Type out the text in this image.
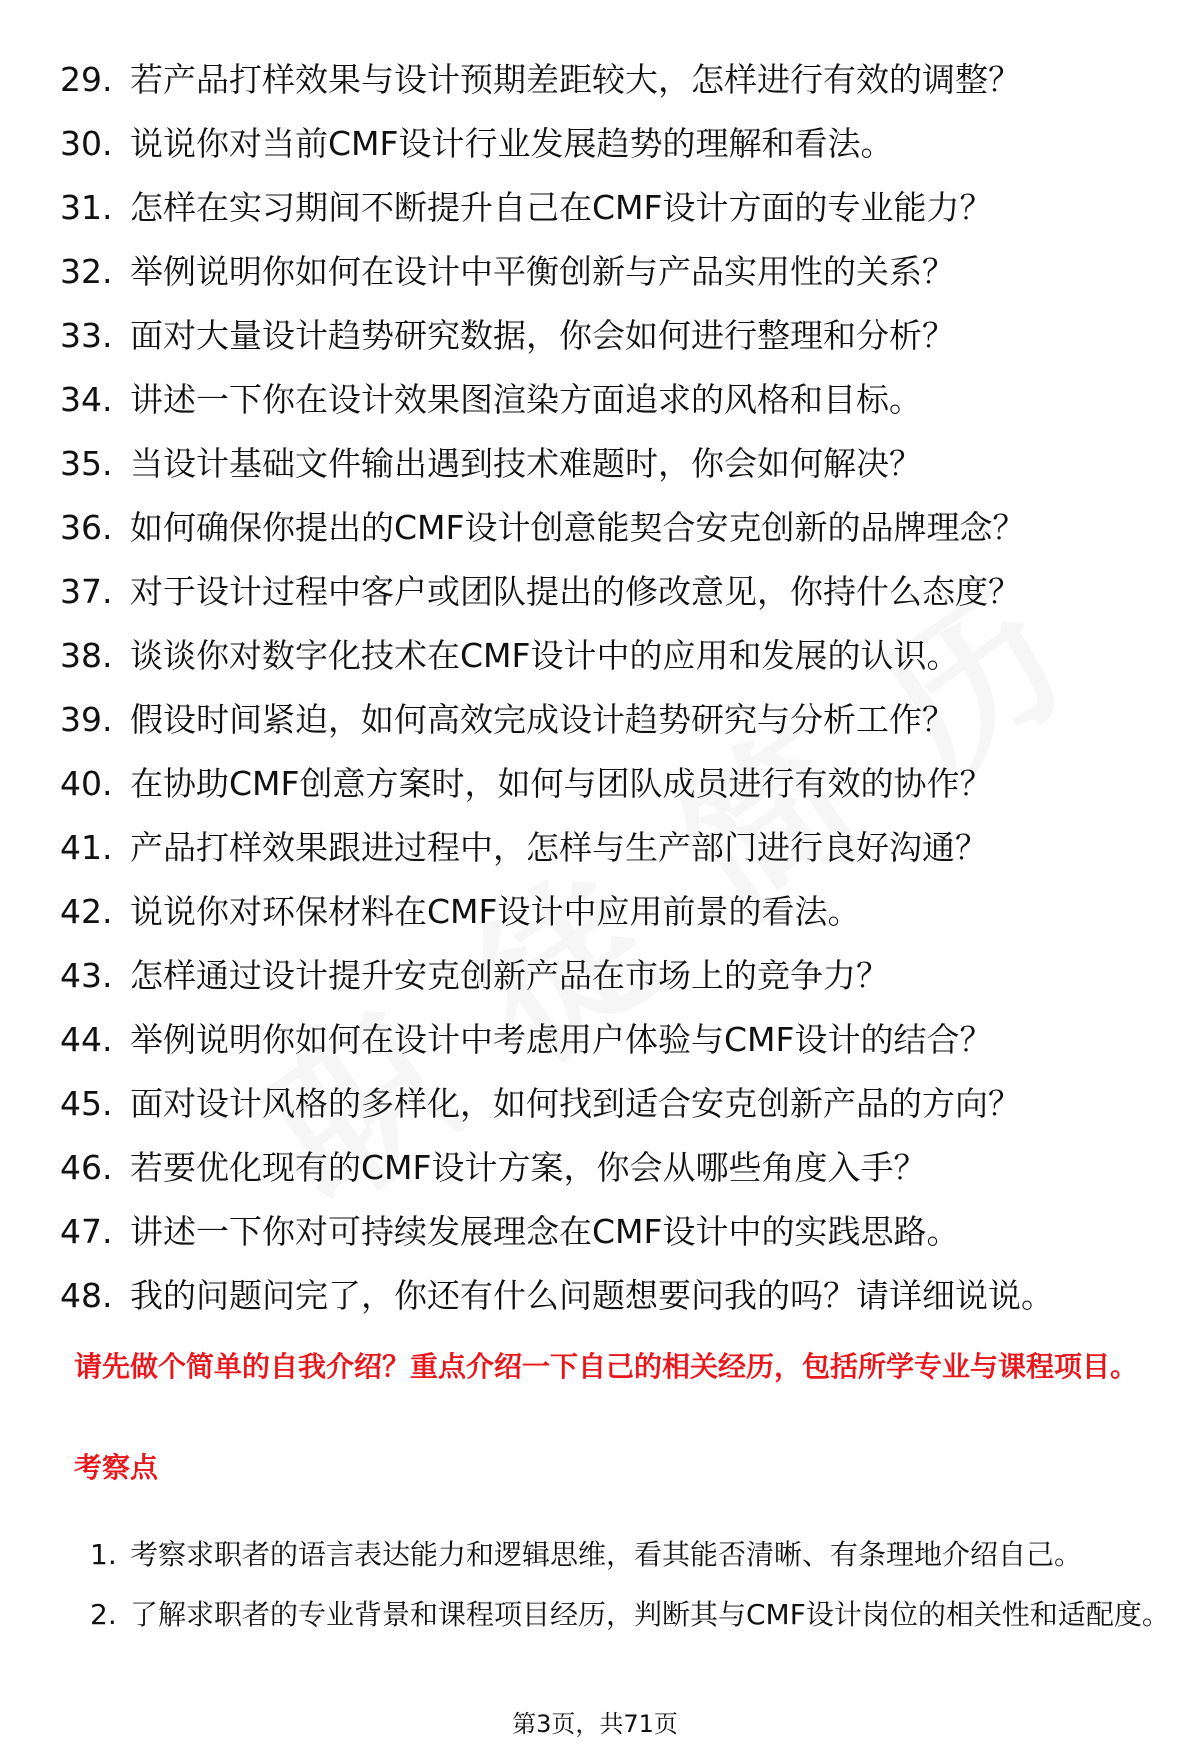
29. 若产品打样效果与设计预期差距较大，怎样进行有效的调整？
30. 说说你对当前CMF设计行业发展趋势的理解和看法。
31. 怎样在实习期间不断提升自己在CMF设计方面的专业能力？
32. 举例说明你如何在设计中平衡创新与产品实用性的关系？
33. 面对大量设计趋势研究数据，你会如何进行整理和分析？
34. 讲述一下你在设计效果图渲染方面追求的风格和目标。
35. 当设计基础文件输出遇到技术难题时，你会如何解决？
36. 如何确保你提出的CMF设计创意能契合安克创新的品牌理念？
37. 对于设计过程中客户或团队提出的修改意见，你持什么态度？
38. 谈谈你对数字化技术在CMF设计中的应用和发展的认识。
39. 假设时间紧迫，如何高效完成设计趋势研究与分析工作？
40. 在协助CMF创意方案时，如何与团队成员进行有效的协作？
41. 产品打样效果跟进过程中，怎样与生产部门进行良好沟通？
42. 说说你对环保材料在CMF设计中应用前景的看法。
43. 怎样通过设计提升安克创新产品在市场上的竞争力？
44. 举例说明你如何在设计中考虑用户体验与CMF设计的结合？
45. 面对设计风格的多样化，如何找到适合安克创新产品的方向？
46. 若要优化现有的CMF设计方案，你会从哪些角度入手？
47. 讲述一下你对可持续发展理念在CMF设计中的实践思路。
48. 我的问题问完了，你还有什么问题想要问我的吗？请详细说说。
请先做个简单的自我介绍？重点介绍一下自己的相关经历，包括所学专业与课程项目。
考察点
1. 考察求职者的语言表达能力和逻辑思维，看其能否清晰、有条理地介绍自己。
2. 了解求职者的专业背景和课程项目经历，判断其与CMF设计岗位的相关性和适配度。
第3页，共71页
